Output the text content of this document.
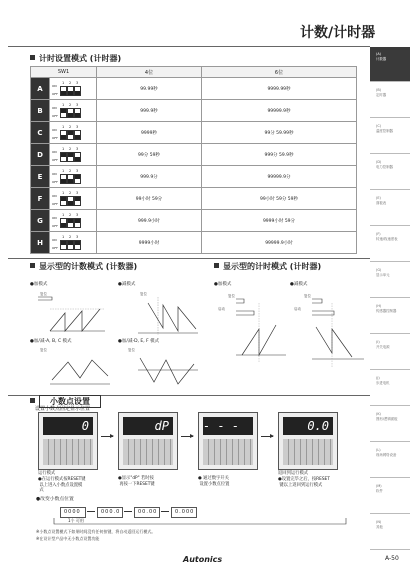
计数/计时器
(A)
计数器
(B)
定时器
(C)
温度控制器
(D)
电力控制器
(E)
面板表
(F)
转速/线速度表
(G)
显示单元
(H)
传感器控制器
(I)
开关电源
(J)
步进电机
(K)
图形/逻辑面板
(L)
现场网络设备
(M)
软件
(N)
其他
计时设置模式 (计时器)
SW1		4位	6位
A	1 2 3
ON
OFF	99.99秒	9999.99秒
B	1 2 3
ON
OFF	999.9秒	99999.9秒
C	1 2 3
ON
OFF	9999秒	99分 59.99秒
D	1 2 3
ON
OFF	99分 59秒	999分 59.9秒
E	1 2 3
ON
OFF	999.9分	99999.9分
F	1 2 3
ON
OFF	99小时 59分	99小时 59分 59秒
G	1 2 3
ON
OFF	999.9小时	9999小时 59分
H	1 2 3
ON
OFF	9999小时	99999.9小时
显示型的计数模式 (计数器)	显示型的计时模式 (计时器)
●加模式
复位
●减模式
复位
●加/减-A, B, C 模式
复位
●加/减-D, E, F 模式
复位
●加模式
复位
启动
●减模式
复位
启动
小数点设置
设置小数点固定显示位置
0	dP	- - -	0.0
运行模式
●在运行模式按RESET键
以上进入小数点设置模
式
●显示"dP" 若时按
再按一下RESET键
● 通过数字开关
设置小数点位置
返回到运行模式
●设置完毕之后，按RESET
键以上返回到运行模式
●改变小数点位置
0000	000.0	00.00	0.000
1个 可用
※小数点设置模式下如果时间没有任何按键，将自动返回运行模式。
※在设计型产品中无小数点设置功能
Autonics	A-50
